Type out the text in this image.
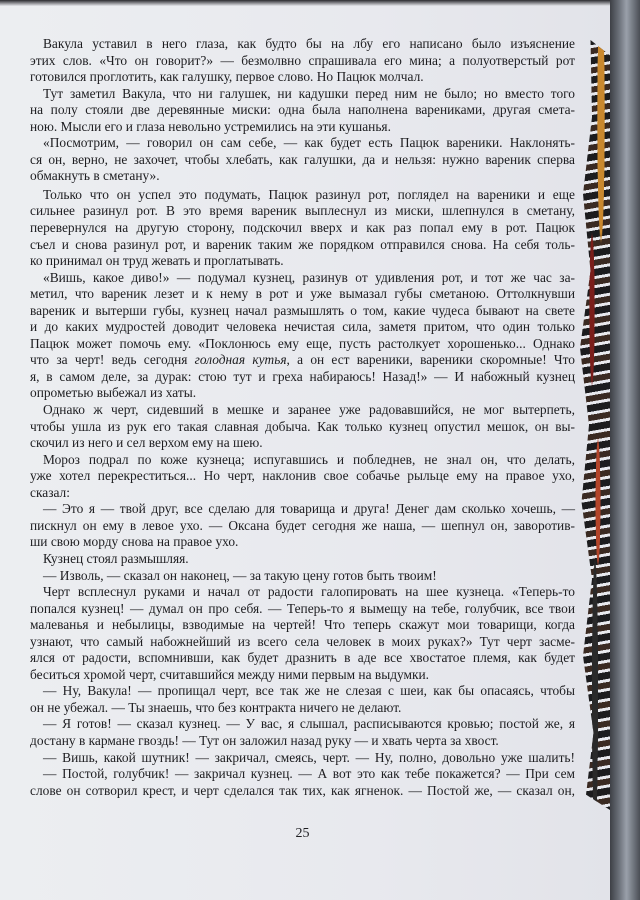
Вакула уставил в него глаза, как будто бы на лбу его написано было изъяснение
этих слов. «Что он говорит?» — безмолвно спрашивала его мина; а полуотверстый рот
готовился проглотить, как галушку, первое слово. Но Пацюк молчал.
Тут заметил Вакула, что ни галушек, ни кадушки перед ним не было; но вместо того
на полу стояли две деревянные миски: одна была наполнена варениками, другая смета-
ною. Мысли его и глаза невольно устремились на эти кушанья.
«Посмотрим, — говорил он сам себе, — как будет есть Пацюк вареники. Наклонять-
ся он, верно, не захочет, чтобы хлебать, как галушки, да и нельзя: нужно вареник сперва
обмакнуть в сметану».
Только что он успел это подумать, Пацюк разинул рот, поглядел на вареники и еще
сильнее разинул рот. В это время вареник выплеснул из миски, шлепнулся в сметану,
перевернулся на другую сторону, подскочил вверх и как раз попал ему в рот. Пацюк
съел и снова разинул рот, и вареник таким же порядком отправился снова. На себя толь-
ко принимал он труд жевать и проглатывать.
«Вишь, какое диво!» — подумал кузнец, разинув от удивления рот, и тот же час за-
метил, что вареник лезет и к нему в рот и уже вымазал губы сметаною. Оттолкнувши
вареник и вытерши губы, кузнец начал размышлять о том, какие чудеса бывают на свете
и до каких мудростей доводит человека нечистая сила, заметя притом, что один только
Пацюк может помочь ему. «Поклонюсь ему еще, пусть растолкует хорошенько... Однако
что за черт! ведь сегодня голодная кутья, а он ест вареники, вареники скоромные! Что
я, в самом деле, за дурак: стою тут и греха набираюсь! Назад!» — И набожный кузнец
опрометью выбежал из хаты.
Однако ж черт, сидевший в мешке и заранее уже радовавшийся, не мог вытерпеть,
чтобы ушла из рук его такая славная добыча. Как только кузнец опустил мешок, он вы-
скочил из него и сел верхом ему на шею.
Мороз подрал по коже кузнеца; испугавшись и побледнев, не знал он, что делать,
уже хотел перекреститься... Но черт, наклонив свое собачье рыльце ему на правое ухо,
сказал:
— Это я — твой друг, все сделаю для товарища и друга! Денег дам сколько хочешь, —
пискнул он ему в левое ухо. — Оксана будет сегодня же наша, — шепнул он, заворотив-
ши свою морду снова на правое ухо.
Кузнец стоял размышляя.
— Изволь, — сказал он наконец, — за такую цену готов быть твоим!
Черт всплеснул руками и начал от радости галопировать на шее кузнеца. «Теперь-то
попался кузнец! — думал он про себя. — Теперь-то я вымещу на тебе, голубчик, все твои
малеванья и небылицы, взводимые на чертей! Что теперь скажут мои товарищи, когда
узнают, что самый набожнейший из всего села человек в моих руках?» Тут черт засме-
ялся от радости, вспомнивши, как будет дразнить в аде все хвостатое племя, как будет
беситься хромой черт, считавшийся между ними первым на выдумки.
— Ну, Вакула! — пропищал черт, все так же не слезая с шеи, как бы опасаясь, чтобы
он не убежал. — Ты знаешь, что без контракта ничего не делают.
— Я готов! — сказал кузнец. — У вас, я слышал, расписываются кровью; постой же, я
достану в кармане гвоздь! — Тут он заложил назад руку — и хвать черта за хвост.
— Вишь, какой шутник! — закричал, смеясь, черт. — Ну, полно, довольно уже шалить!
— Постой, голубчик! — закричал кузнец. — А вот это как тебе покажется? — При сем
слове он сотворил крест, и черт сделался так тих, как ягненок. — Постой же, — сказал он,
25
